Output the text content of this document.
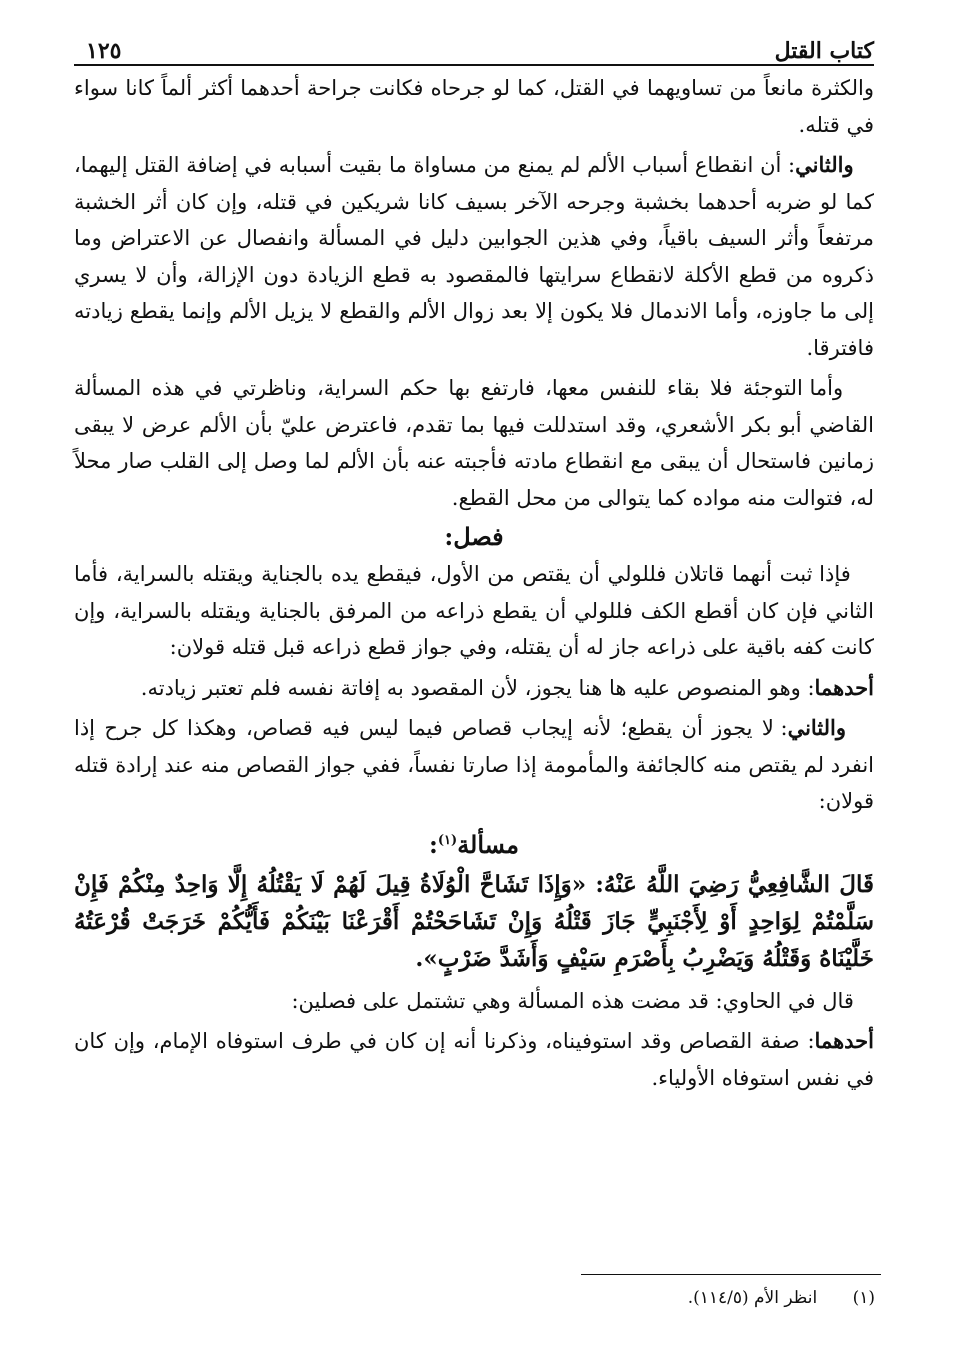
كتاب القتل
١٢٥

والكثرة مانعاً من تساويهما في القتل، كما لو جرحاه فكانت جراحة أحدهما أكثر ألماً كانا سواء في قتله.

والثاني: أن انقطاع أسباب الألم لم يمنع من مساواة ما بقيت أسبابه في إضافة القتل إليهما، كما لو ضربه أحدهما بخشبة وجرحه الآخر بسيف كانا شريكين في قتله، وإن كان أثر الخشبة مرتفعاً وأثر السيف باقياً، وفي هذين الجوابين دليل في المسألة وانفصال عن الاعتراض وما ذكروه من قطع الأكلة لانقطاع سرايتها فالمقصود به قطع الزيادة دون الإزالة، وأن لا يسري إلى ما جاوزه، وأما الاندمال فلا يكون إلا بعد زوال الألم والقطع لا يزيل الألم وإنما يقطع زيادته فافترقا.

وأما التوجئة فلا بقاء للنفس معها، فارتفع بها حكم السراية، وناظرتي في هذه المسألة القاضي أبو بكر الأشعري، وقد استدللت فيها بما تقدم، فاعترض عليّ بأن الألم عرض لا يبقى زمانين فاستحال أن يبقى مع انقطاع مادته فأجبته عنه بأن الألم لما وصل إلى القلب صار محلاً له، فتوالت منه مواده كما يتوالى من محل القطع.

فصل:

فإذا ثبت أنهما قاتلان فللولي أن يقتص من الأول، فيقطع يده بالجناية ويقتله بالسراية، فأما الثاني فإن كان أقطع الكف فللولي أن يقطع ذراعه من المرفق بالجناية ويقتله بالسراية، وإن كانت كفه باقية على ذراعه جاز له أن يقتله، وفي جواز قطع ذراعه قبل قتله قولان:

أحدهما: وهو المنصوص عليه ها هنا يجوز، لأن المقصود به إفاتة نفسه فلم تعتبر زيادته.

والثاني: لا يجوز أن يقطع؛ لأنه إيجاب قصاص فيما ليس فيه قصاص، وهكذا كل جرح إذا انفرد لم يقتص منه كالجائفة والمأمومة إذا صارتا نفساً، ففي جواز القصاص منه عند إرادة قتله قولان:

مسألة$^{(١)}$:
قَالَ الشَّافِعِيُّ رَضِيَ اللَّهُ عَنْهُ: «وَإِذَا تَشَاحَّ الْوُلَاةُ قِيلَ لَهُمْ لَا يَقْتُلُهُ إِلَّا وَاحِدٌ مِنْكُمْ فَإِنْ سَلَّمْتُمْ لِوَاحِدٍ أَوْ لِأَجْنَبِيٍّ جَازَ قَتْلُهُ وَإِنْ تَشَاحَحْتُمْ أَقْرَعْنَا بَيْنَكُمْ فَأَيُّكُمْ خَرَجَتْ قُرْعَتُهُ خَلَّيْنَاهُ وَقَتْلُهُ وَيَضْرِبُ بِأَصْرَمِ سَيْفٍ وَأَشَدَّ ضَرْبٍ».

قال في الحاوي: قد مضت هذه المسألة وهي تشتمل على فصلين:

أحدهما: صفة القصاص وقد استوفيناه، وذكرنا أنه إن كان في طرف استوفاه الإمام، وإن كان في نفس استوفاه الأولياء.

(١) انظر الأم (١١٤/٥).
